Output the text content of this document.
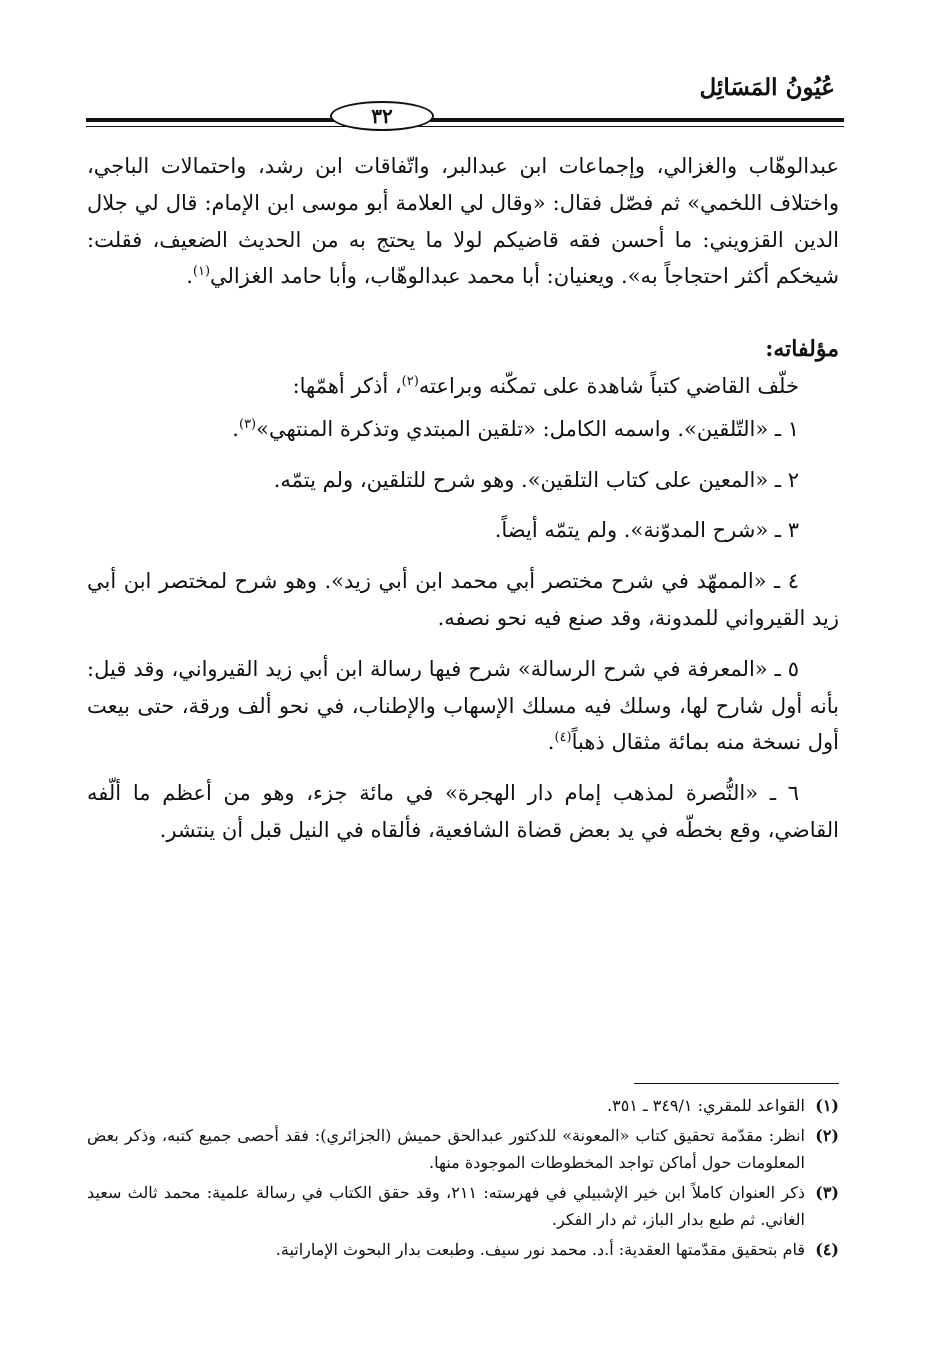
عُيُونُ المَسَائِل
٣٢

عبدالوهّاب والغزالي، وإجماعات ابن عبدالبر، واتّفاقات ابن رشد، واحتمالات الباجي، واختلاف اللخمي» ثم فصّل فقال: «وقال لي العلامة أبو موسى ابن الإمام: قال لي جلال الدين القزويني: ما أحسن فقه قاضيكم لولا ما يحتج به من الحديث الضعيف، فقلت: شيخكم أكثر احتجاجاً به». ويعنيان: أبا محمد عبدالوهّاب، وأبا حامد الغزالي$^{(١)}$.

مؤلفاته:

خلّف القاضي كتباً شاهدة على تمكّنه وبراعته$^{(٢)}$، أذكر أهمّها:

١ ـ «التّلقين». واسمه الكامل: «تلقين المبتدي وتذكرة المنتهي»$^{(٣)}$.

٢ ـ «المعين على كتاب التلقين». وهو شرح للتلقين، ولم يتمّه.

٣ ـ «شرح المدوّنة». ولم يتمّه أيضاً.

٤ ـ «الممهّد في شرح مختصر أبي محمد ابن أبي زيد». وهو شرح لمختصر ابن أبي زيد القيرواني للمدونة، وقد صنع فيه نحو نصفه.

٥ ـ «المعرفة في شرح الرسالة» شرح فيها رسالة ابن أبي زيد القيرواني، وقد قيل: بأنه أول شارح لها، وسلك فيه مسلك الإسهاب والإطناب، في نحو ألف ورقة، حتى بيعت أول نسخة منه بمائة مثقال ذهباً$^{(٤)}$.

٦ ـ «النُّصرة لمذهب إمام دار الهجرة» في مائة جزء، وهو من أعظم ما ألّفه القاضي، وقع بخطّه في يد بعض قضاة الشافعية، فألقاه في النيل قبل أن ينتشر.

(١)
القواعد للمقري: ٣٤٩/١ ـ ٣٥١.
(٢)
انظر: مقدّمة تحقيق كتاب «المعونة» للدكتور عبدالحق حميش (الجزائري): فقد أحصى جميع كتبه، وذكر بعض المعلومات حول أماكن تواجد المخطوطات الموجودة منها.
(٣)
ذكر العنوان كاملاً ابن خير الإشبيلي في فهرسته: ٢١١، وقد حقق الكتاب في رسالة علمية: محمد ثالث سعيد الغاني. ثم طبع بدار الباز، ثم دار الفكر.
(٤)
قام بتحقيق مقدّمتها العقدية: أ.د. محمد نور سيف. وطبعت بدار البحوث الإماراتية.
